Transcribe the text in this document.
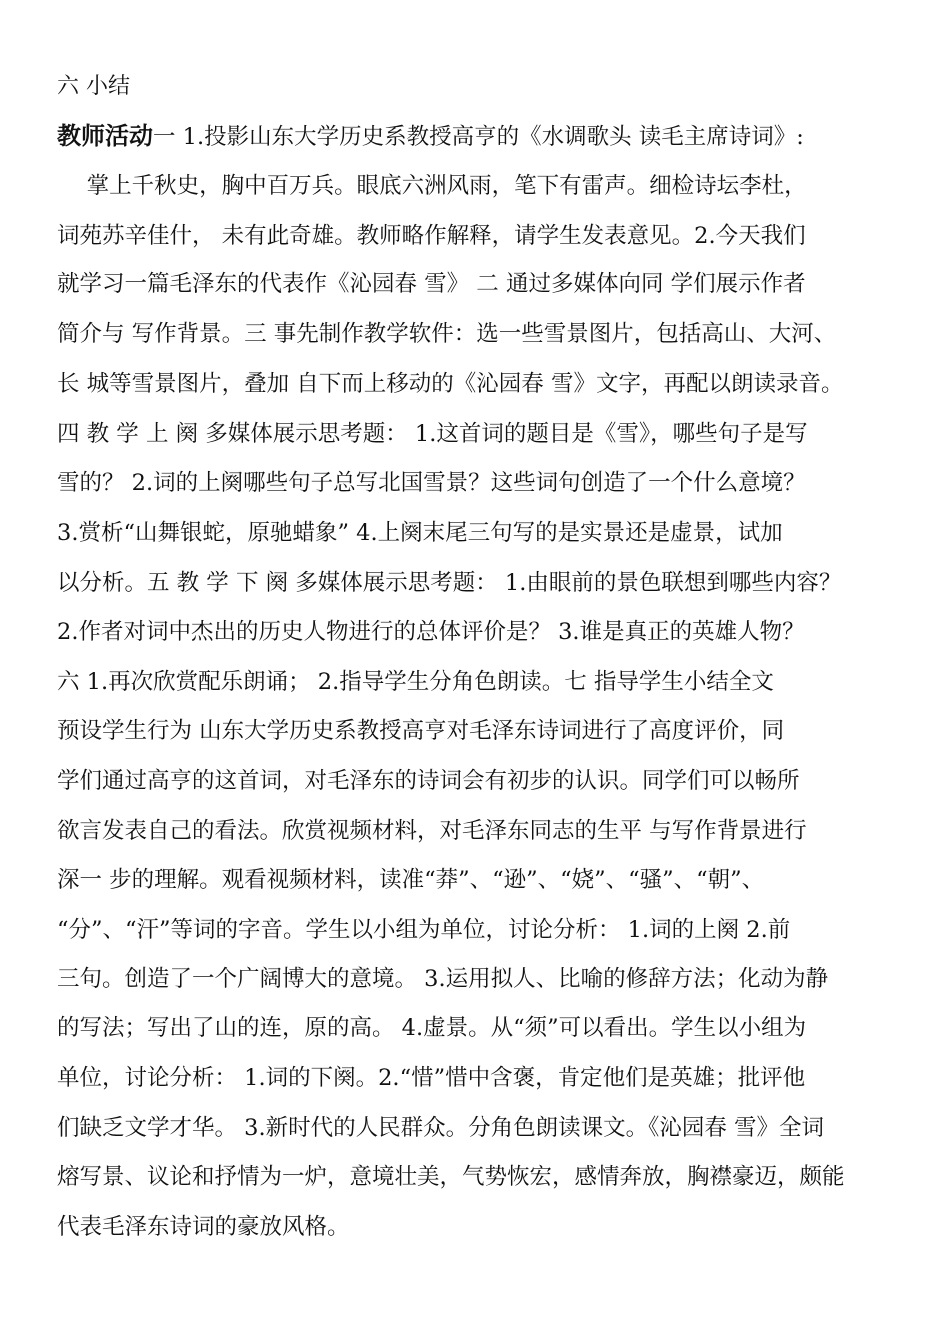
六 小结
教师活动一 1.投影山东大学历史系教授高亨的《水调歌头 读毛主席诗词》:
　 掌上千秋史，胸中百万兵。眼底六洲风雨，笔下有雷声。细检诗坛李杜，
词苑苏辛佳什， 未有此奇雄。教师略作解释，请学生发表意见。2.今天我们
就学习一篇毛泽东的代表作《沁园春 雪》 二 通过多媒体向同 学们展示作者
简介与 写作背景。三 事先制作教学软件：选一些雪景图片，包括高山、大河、
长 城等雪景图片，叠加 自下而上移动的《沁园春 雪》文字，再配以朗读录音。
四 教 学 上 阕 多媒体展示思考题： 1.这首词的题目是《雪》，哪些句子是写
雪的？ 2.词的上阕哪些句子总写北国雪景？这些词句创造了一个什么意境？
3.赏析“山舞银蛇，原驰蜡象” 4.上阕末尾三句写的是实景还是虚景，试加
以分析。五 教 学 下 阕 多媒体展示思考题： 1.由眼前的景色联想到哪些内容？
2.作者对词中杰出的历史人物进行的总体评价是？ 3.谁是真正的英雄人物？
六 1.再次欣赏配乐朗诵； 2.指导学生分角色朗读。七 指导学生小结全文
预设学生行为 山东大学历史系教授高亨对毛泽东诗词进行了高度评价，同
学们通过高亨的这首词，对毛泽东的诗词会有初步的认识。同学们可以畅所
欲言发表自己的看法。欣赏视频材料，对毛泽东同志的生平 与写作背景进行
深一 步的理解。观看视频材料，读准“莽”、“逊”、“娆”、“骚”、“朝”、
“分”、“汗”等词的字音。学生以小组为单位，讨论分析： 1.词的上阕 2.前
三句。创造了一个广阔博大的意境。 3.运用拟人、比喻的修辞方法；化动为静
的写法；写出了山的连，原的高。 4.虚景。从“须”可以看出。学生以小组为
单位，讨论分析： 1.词的下阕。2.“惜”惜中含褒，肯定他们是英雄；批评他
们缺乏文学才华。 3.新时代的人民群众。分角色朗读课文。《沁园春 雪》全词
熔写景、议论和抒情为一炉，意境壮美，气势恢宏，感情奔放，胸襟豪迈，颇能
代表毛泽东诗词的豪放风格。
